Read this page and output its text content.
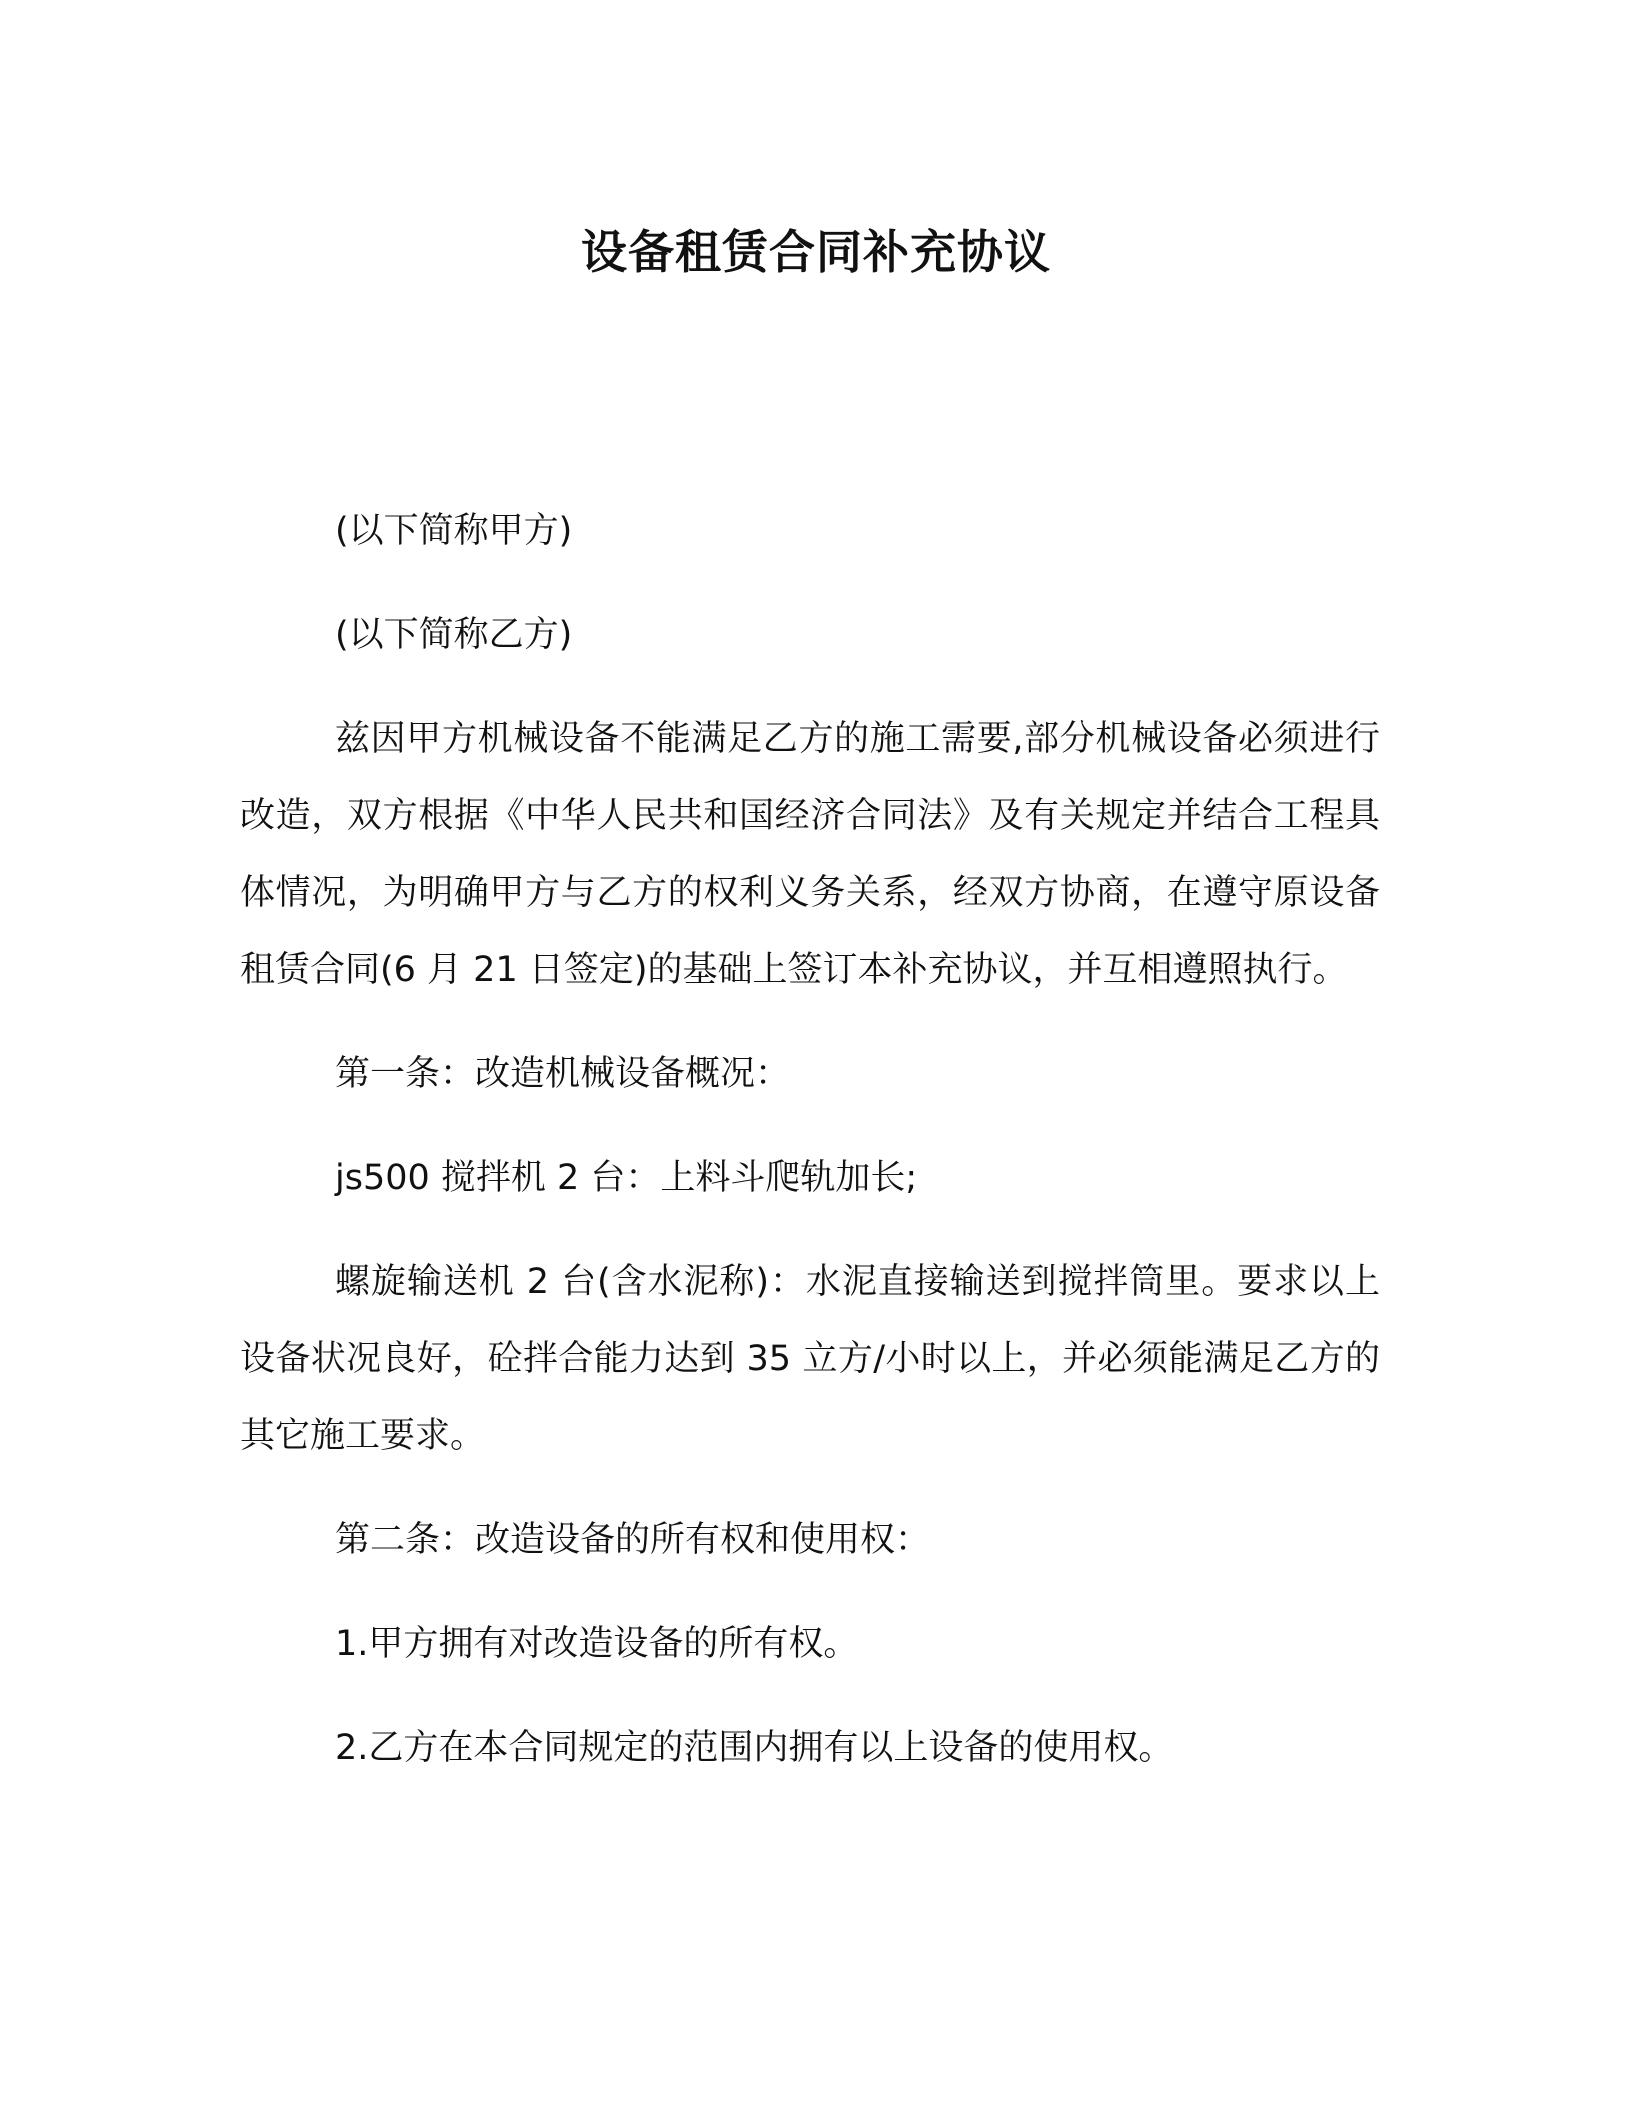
设备租赁合同补充协议

(以下简称甲方)

(以下简称乙方)

兹因甲方机械设备不能满足乙方的施工需要,部分机械设备必须进行改造，双方根据《中华人民共和国经济合同法》及有关规定并结合工程具体情况，为明确甲方与乙方的权利义务关系，经双方协商，在遵守原设备租赁合同(6 月 21 日签定)的基础上签订本补充协议，并互相遵照执行。

第一条：改造机械设备概况：

js500 搅拌机 2 台：上料斗爬轨加长;

螺旋输送机 2 台(含水泥称)：水泥直接输送到搅拌筒里。要求以上设备状况良好，砼拌合能力达到 35 立方/小时以上，并必须能满足乙方的其它施工要求。

第二条：改造设备的所有权和使用权：

1.甲方拥有对改造设备的所有权。

2.乙方在本合同规定的范围内拥有以上设备的使用权。
